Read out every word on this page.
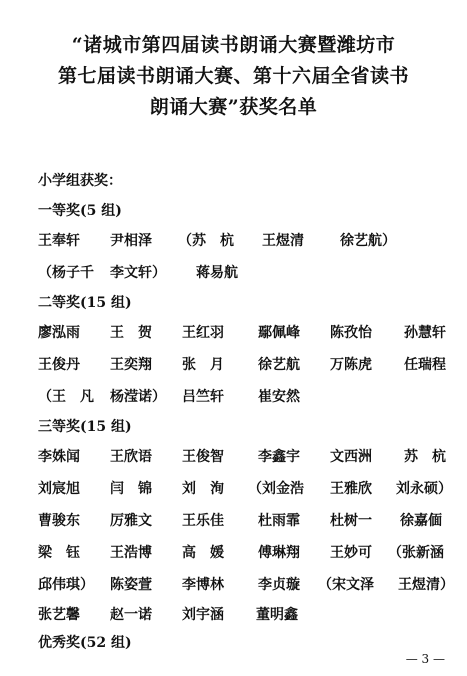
“诸城市第四届读书朗诵大赛暨潍坊市
第七届读书朗诵大赛、第十六届全省读书
朗诵大赛”获奖名单
小学组获奖：
一等奖(5 组)
王奉轩 尹相泽 （苏　杭 王煜清	徐艺航）
（杨子千 李文轩） 蒋易航
二等奖(15 组)
廖泓雨 王　贺 王红羽 鄢佩峰 陈孜怡 孙慧轩
王俊丹 王奕翔 张　月 徐艺航 万陈虎 任瑞程
（王　凡 杨滢诺） 吕竺轩 崔安然
三等奖(15 组)
李姝闻 王欣语 王俊智 李鑫宇 文西洲 苏　杭
刘宸旭 闫　锦 刘　洵 （刘金浩 王雅欣 刘永硕）
曹骏东 厉雅文 王乐佳 杜雨霏 杜树一 徐嘉偭
梁　钰 王浩博 高　媛 傅琳翔 王妙可 （张新涵
邱伟琪） 陈姿萱 李博林 李贞璇 （宋文泽 王煜清）
张艺馨 赵一诺 刘宇涵 董明鑫
优秀奖(52 组)
— 3 —
